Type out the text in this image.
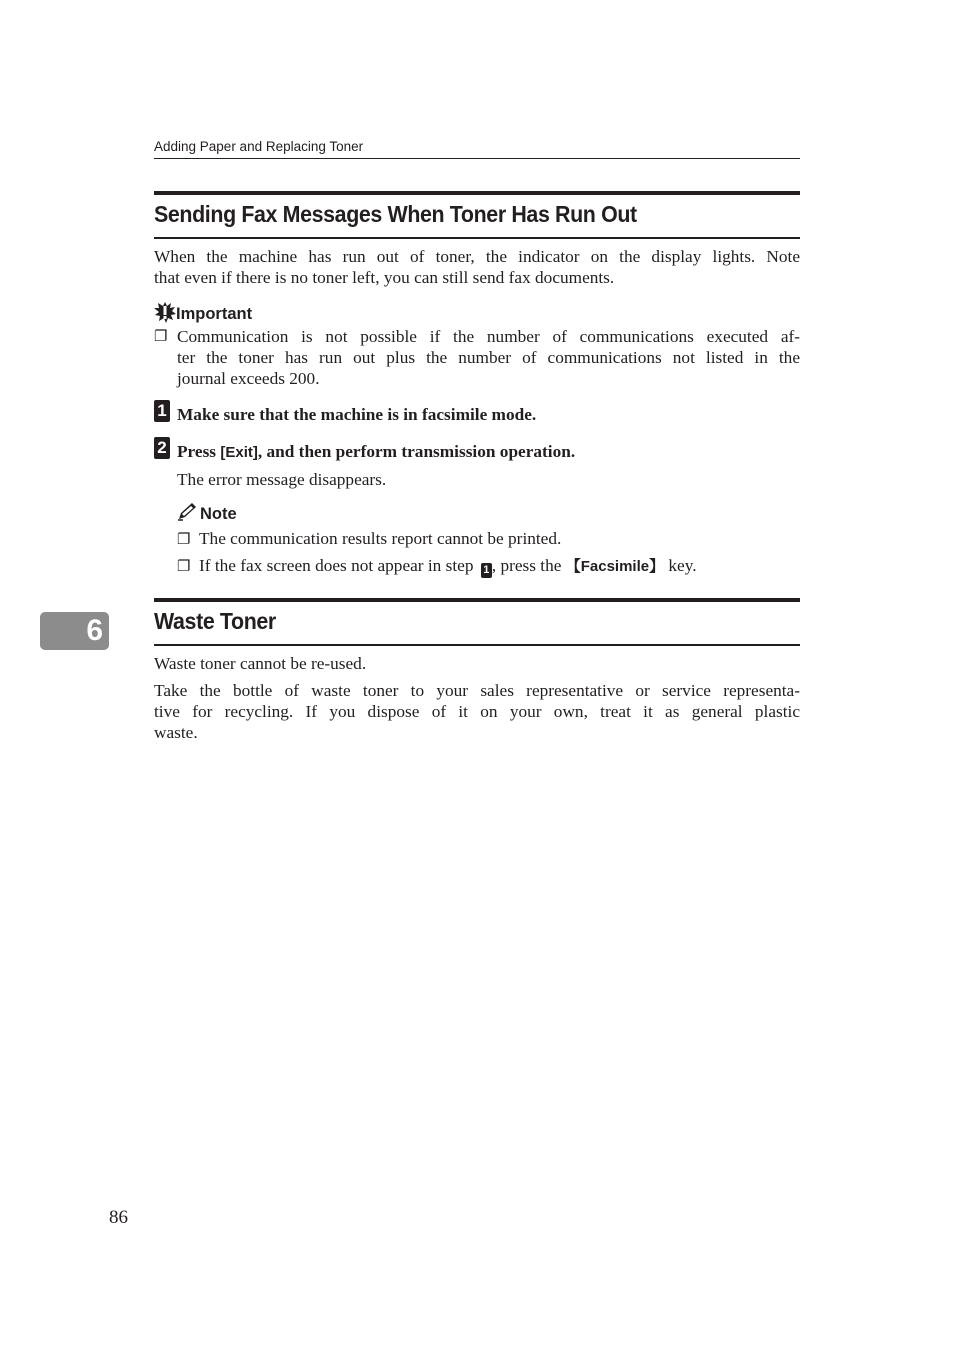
Adding Paper and Replacing Toner
Sending Fax Messages When Toner Has Run Out
When the machine has run out of toner, the indicator on the display lights. Note
that even if there is no toner left, you can still send fax documents.
Important
❐ Communication is not possible if the number of communications executed af-
ter the toner has run out plus the number of communications not listed in the
journal exceeds 200.
1 Make sure that the machine is in facsimile mode.
2 Press [Exit], and then perform transmission operation.
The error message disappears.
Note
❐ The communication results report cannot be printed.
❐ If the fax screen does not appear in step 1 , press the 【Facsimile】 key.
6 Waste Toner
Waste toner cannot be re-used.
Take the bottle of waste toner to your sales representative or service representa-
tive for recycling. If you dispose of it on your own, treat it as general plastic
waste.
86
